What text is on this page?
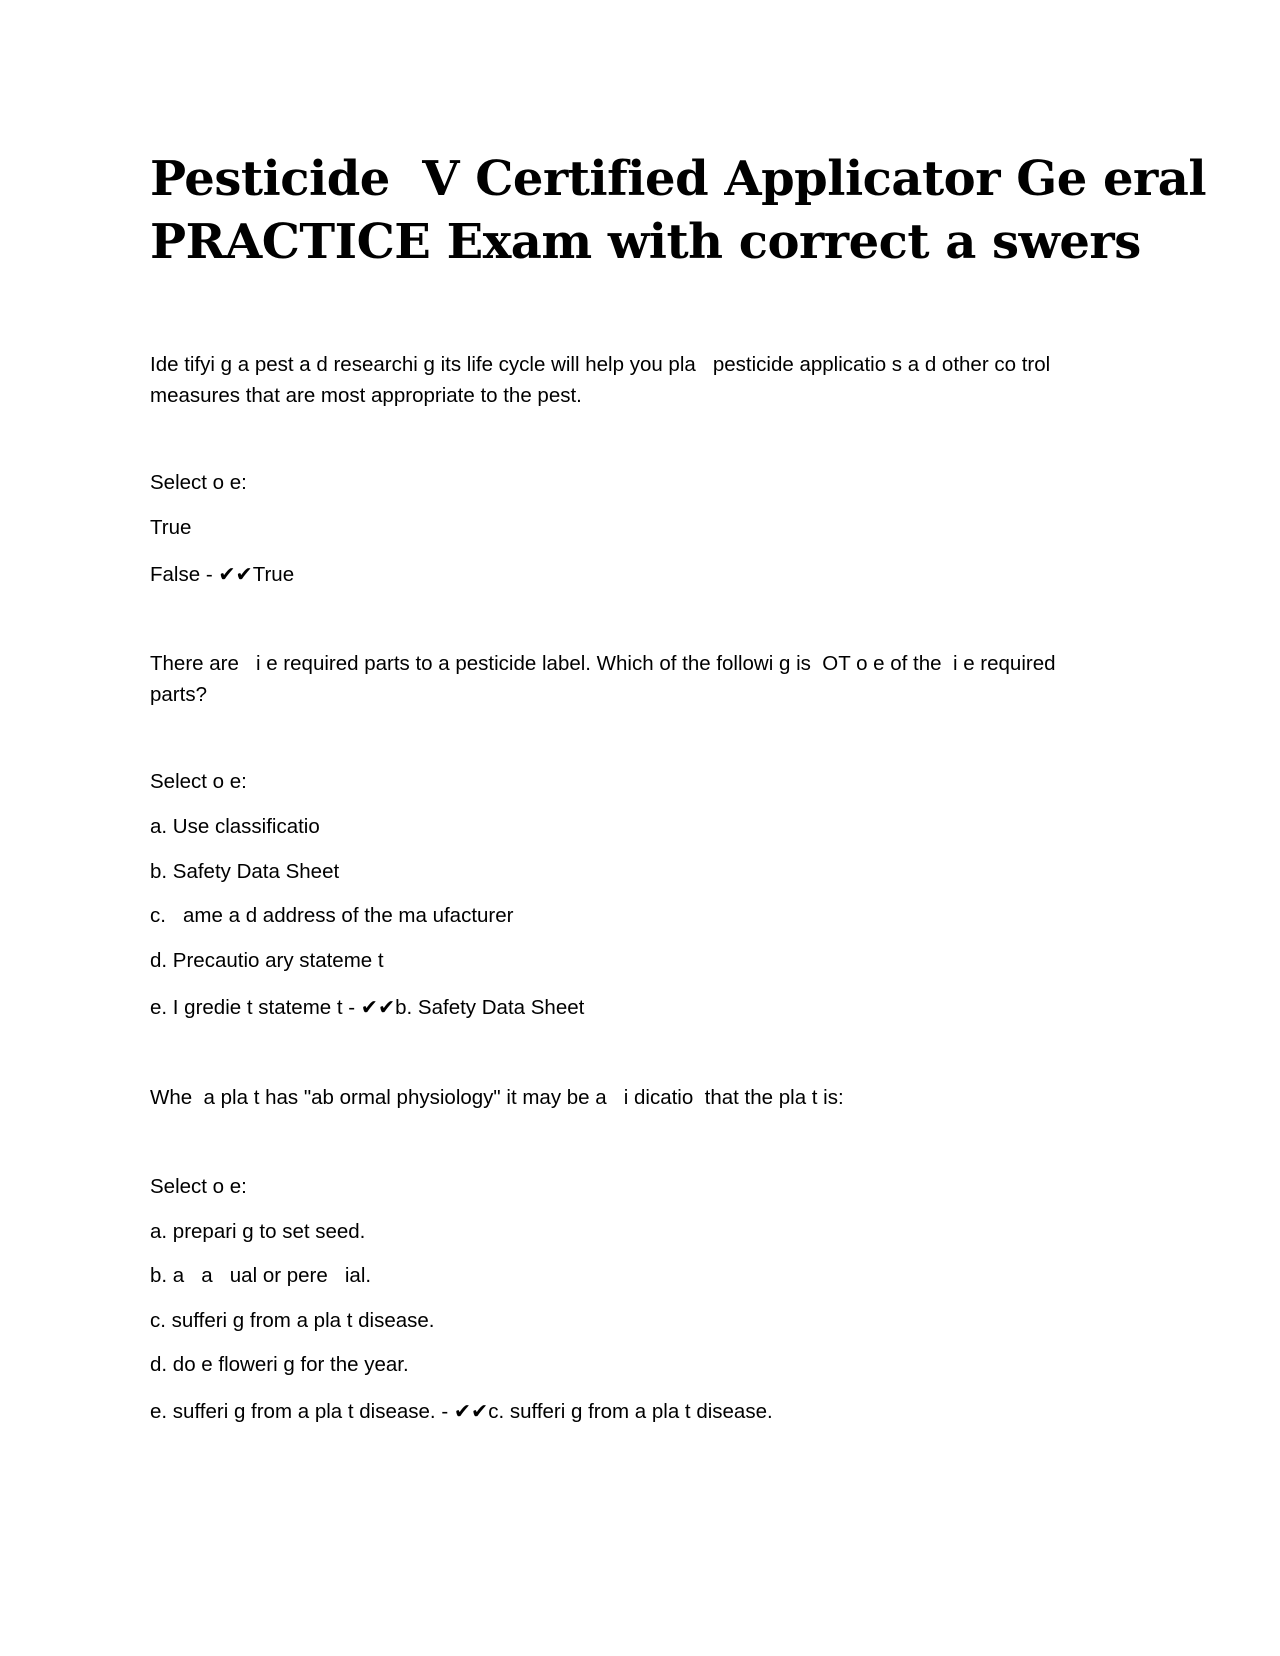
Pesticide  V Certified Applicator Ge eral
PRACTICE Exam with correct a swers
Ide tifyi g a pest a d researchi g its life cycle will help you pla   pesticide applicatio s a d other co trol
measures that are most appropriate to the pest.
Select o e:
True
False - ✔✔True
There are   i e required parts to a pesticide label. Which of the followi g is  OT o e of the  i e required
parts?
Select o e:
a. Use classificatio
b. Safety Data Sheet
c.   ame a d address of the ma ufacturer
d. Precautio ary stateme t
e. I gredie t stateme t - ✔✔b. Safety Data Sheet
Whe  a pla t has "ab ormal physiology" it may be a   i dicatio  that the pla t is:
Select o e:
a. prepari g to set seed.
b. a   a   ual or pere   ial.
c. sufferi g from a pla t disease.
d. do e floweri g for the year.
e. sufferi g from a pla t disease. - ✔✔c. sufferi g from a pla t disease.
